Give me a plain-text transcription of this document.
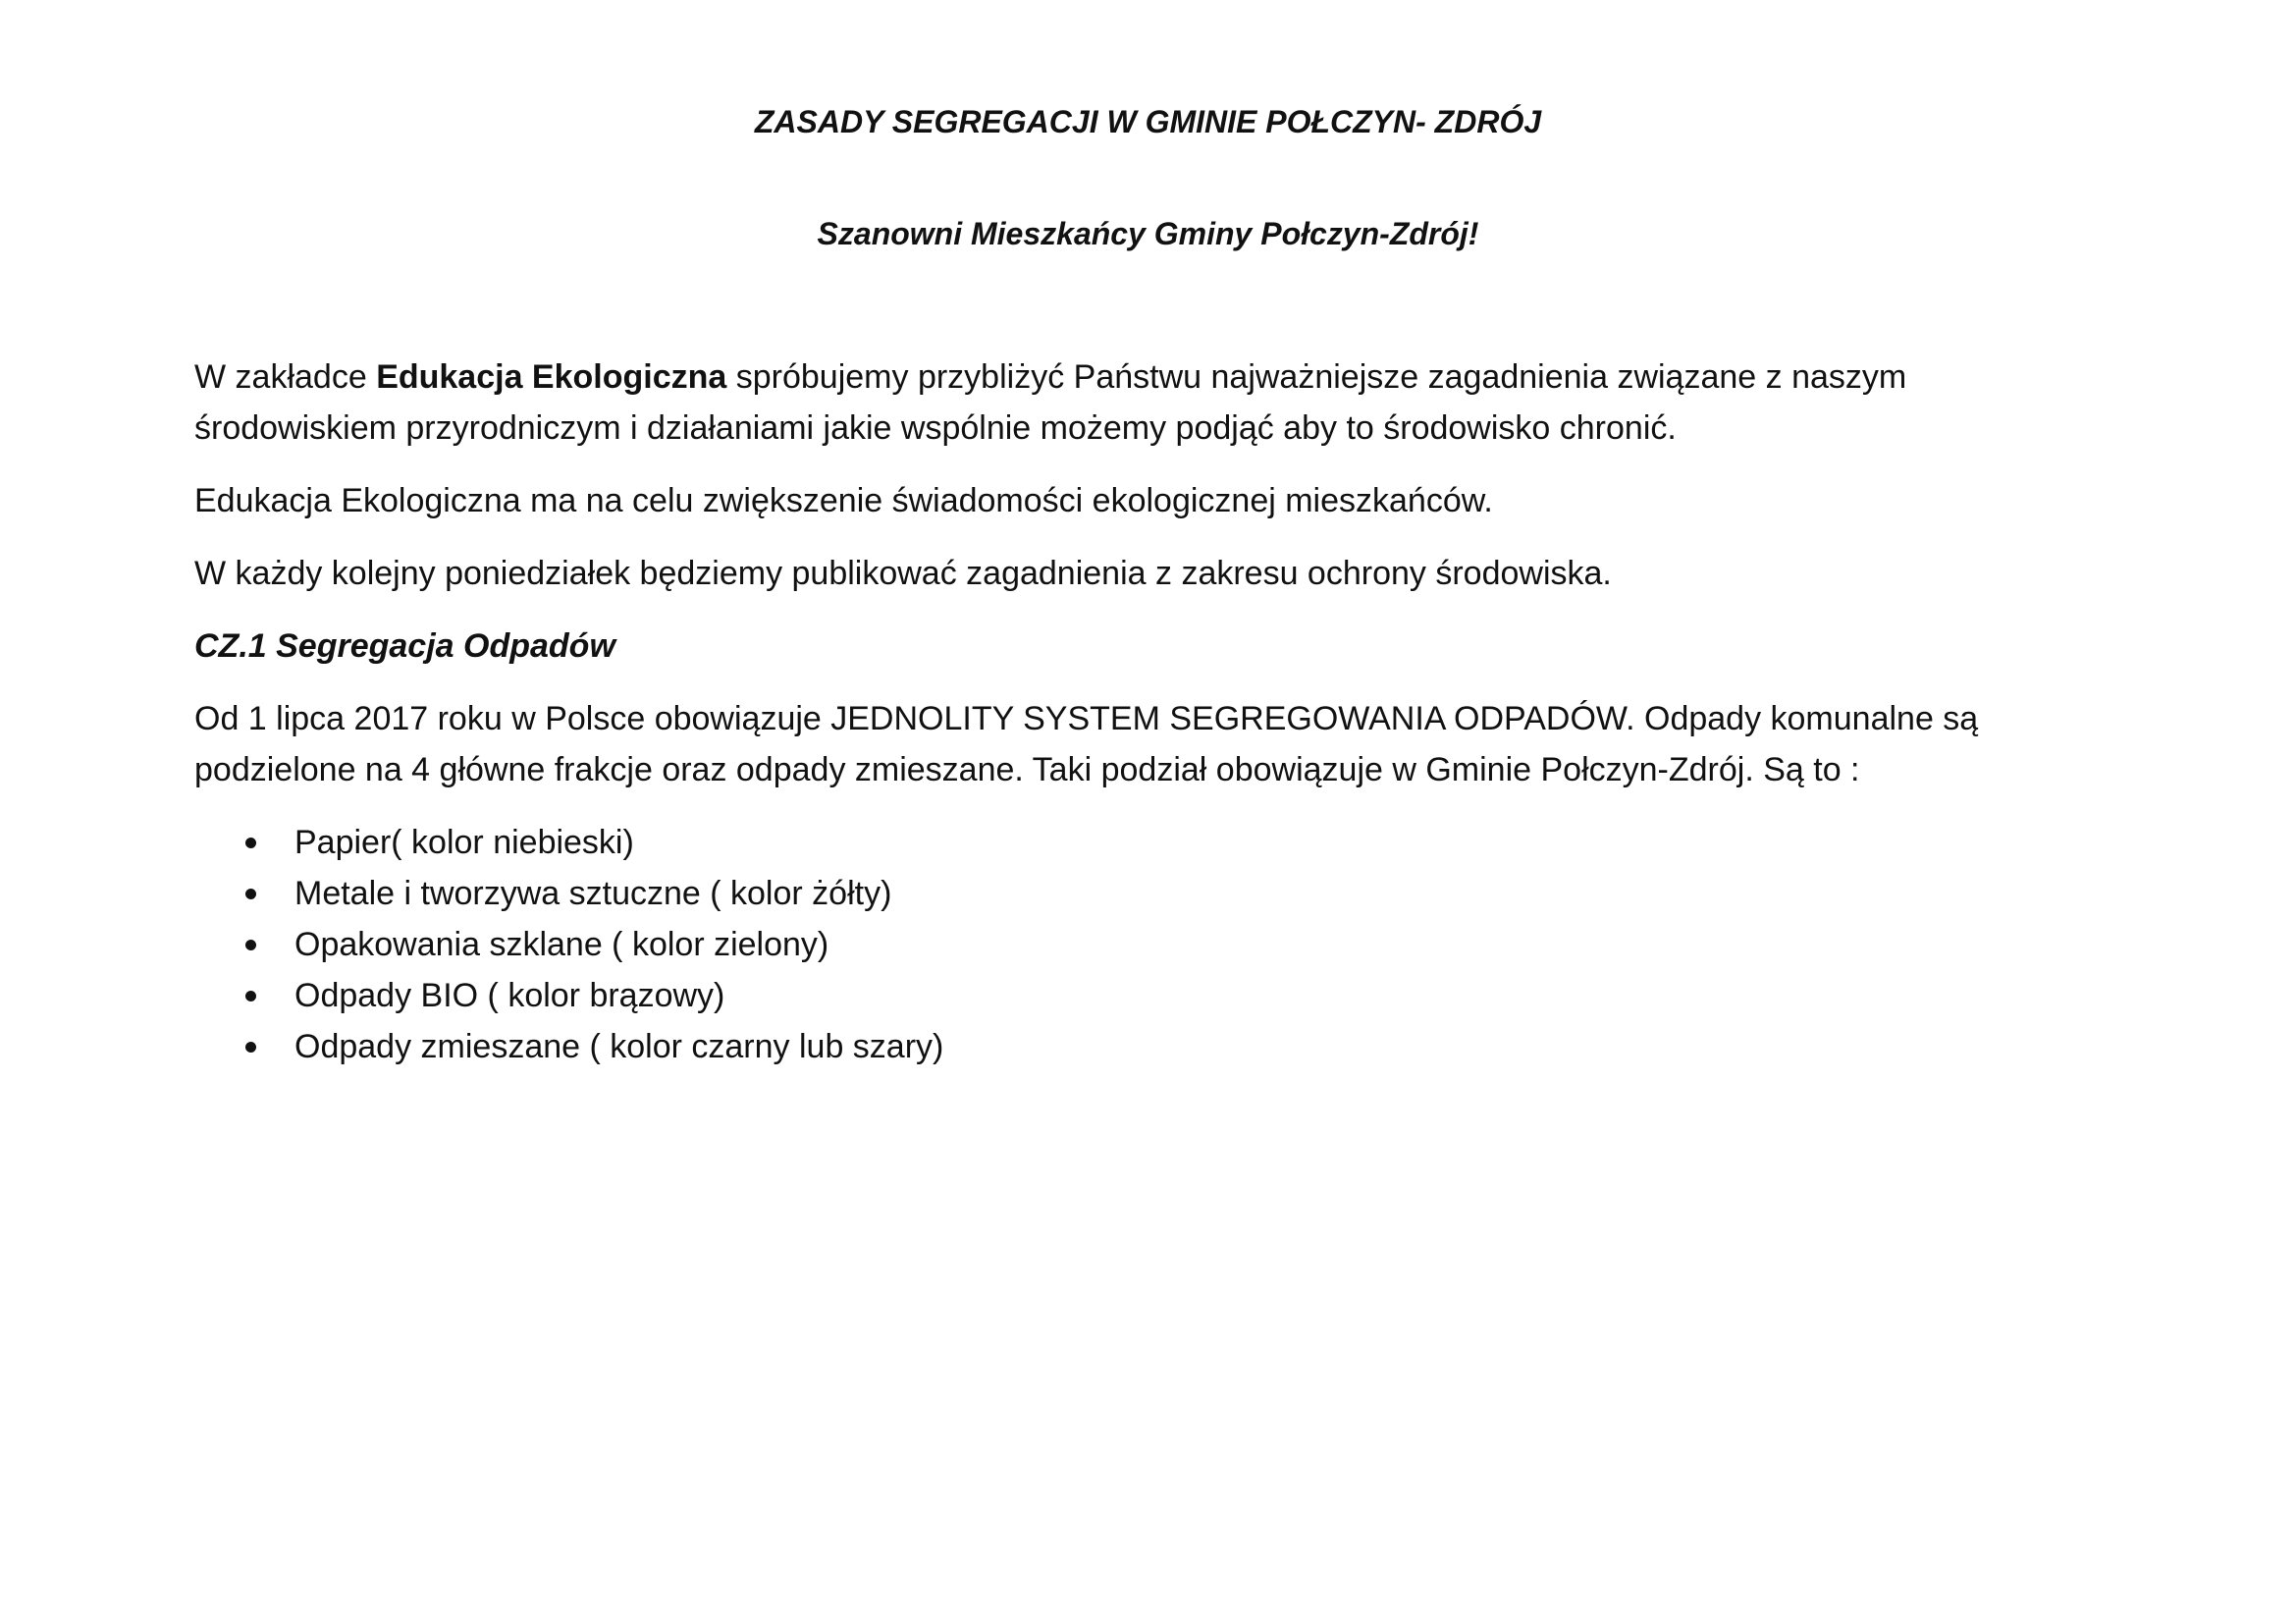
ZASADY SEGREGACJI W GMINIE POŁCZYN- ZDRÓJ
Szanowni Mieszkańcy Gminy Połczyn-Zdrój!

W zakładce Edukacja Ekologiczna spróbujemy przybliżyć Państwu najważniejsze zagadnienia związane z naszym
środowiskiem przyrodniczym i działaniami jakie wspólnie możemy podjąć aby to środowisko chronić.

Edukacja Ekologiczna ma na celu zwiększenie świadomości ekologicznej mieszkańców.

W każdy kolejny poniedziałek będziemy publikować zagadnienia z zakresu ochrony środowiska.

CZ.1 Segregacja Odpadów

Od 1 lipca 2017 roku w Polsce obowiązuje JEDNOLITY SYSTEM SEGREGOWANIA ODPADÓW. Odpady komunalne są
podzielone na 4 główne frakcje oraz odpady zmieszane. Taki podział obowiązuje w Gminie Połczyn-Zdrój. Są to :

Papier( kolor niebieski)
Metale i tworzywa sztuczne ( kolor żółty)
Opakowania szklane ( kolor zielony)
Odpady BIO ( kolor brązowy)
Odpady zmieszane ( kolor czarny lub szary)
